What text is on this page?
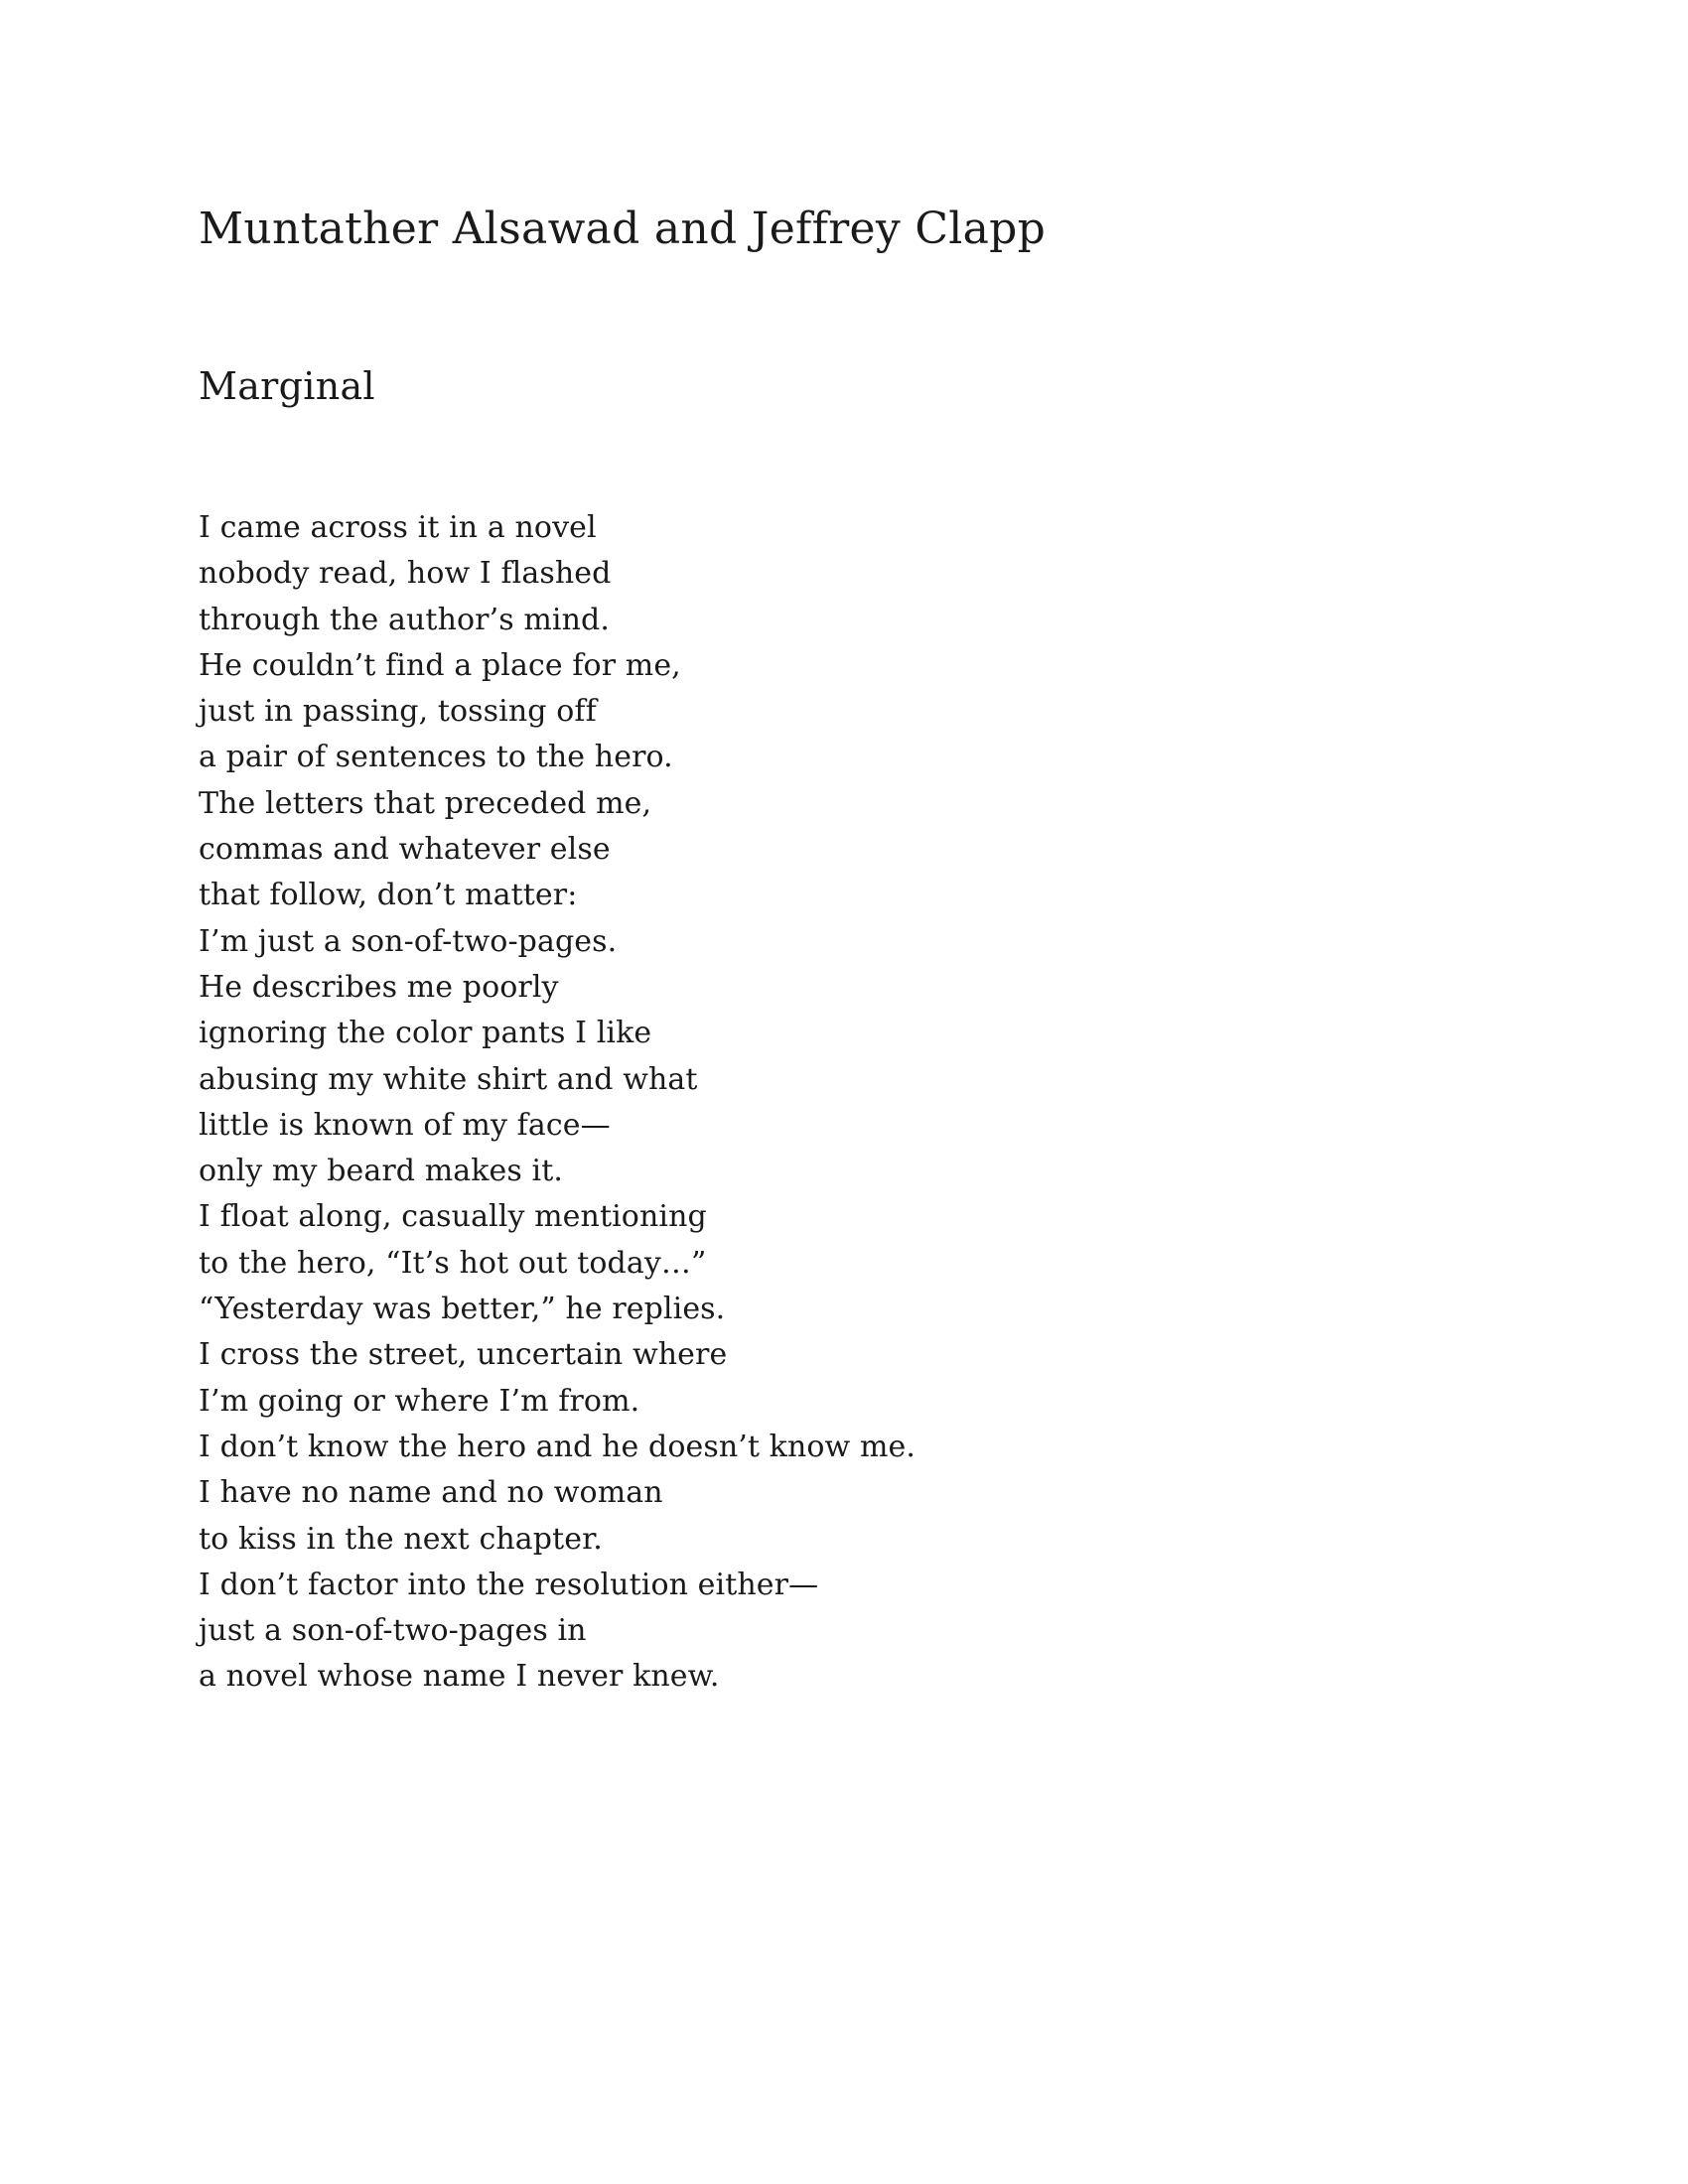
Muntather Alsawad and Jeffrey Clapp
Marginal
I came across it in a novel
nobody read, how I flashed
through the author’s mind.
He couldn’t find a place for me,
just in passing, tossing off
a pair of sentences to the hero.
The letters that preceded me,
commas and whatever else
that follow, don’t matter:
I’m just a son-of-two-pages.
He describes me poorly
ignoring the color pants I like
abusing my white shirt and what
little is known of my face—
only my beard makes it.
I float along, casually mentioning
to the hero, “It’s hot out today…”
“Yesterday was better,” he replies.
I cross the street, uncertain where
I’m going or where I’m from.
I don’t know the hero and he doesn’t know me.
I have no name and no woman
to kiss in the next chapter.
I don’t factor into the resolution either—
just a son-of-two-pages in
a novel whose name I never knew.
